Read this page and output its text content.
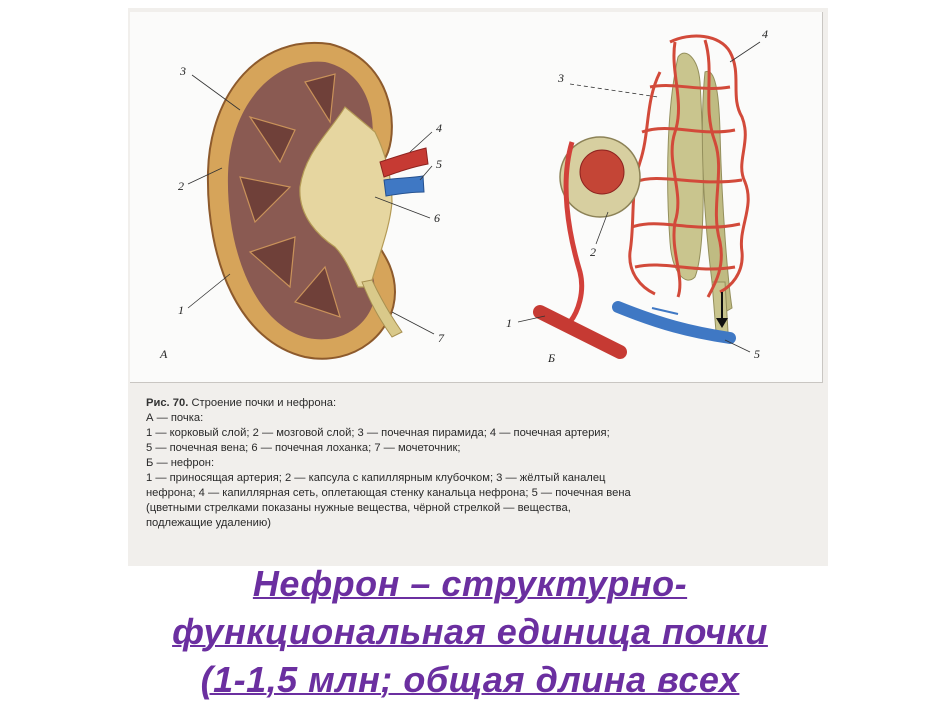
3
2
1
4
5
6
7
А
3
4
2
1
5
Б
Рис. 70. Строение почки и нефрона:
А — почка:
1 — корковый слой; 2 — мозговой слой; 3 — почечная пирамида; 4 — почечная артерия;
5 — почечная вена; 6 — почечная лоханка; 7 — мочеточник;
Б — нефрон:
1 — приносящая артерия; 2 — капсула с капиллярным клубочком; 3 — жёлтый каналец
нефрона; 4 — капиллярная сеть, оплетающая стенку канальца нефрона; 5 — почечная вена
(цветными стрелками показаны нужные вещества, чёрной стрелкой — вещества,
подлежащие удалению)
Нефрон – структурно-
функциональная единица почки
(1-1,5 млн; общая длина всех
